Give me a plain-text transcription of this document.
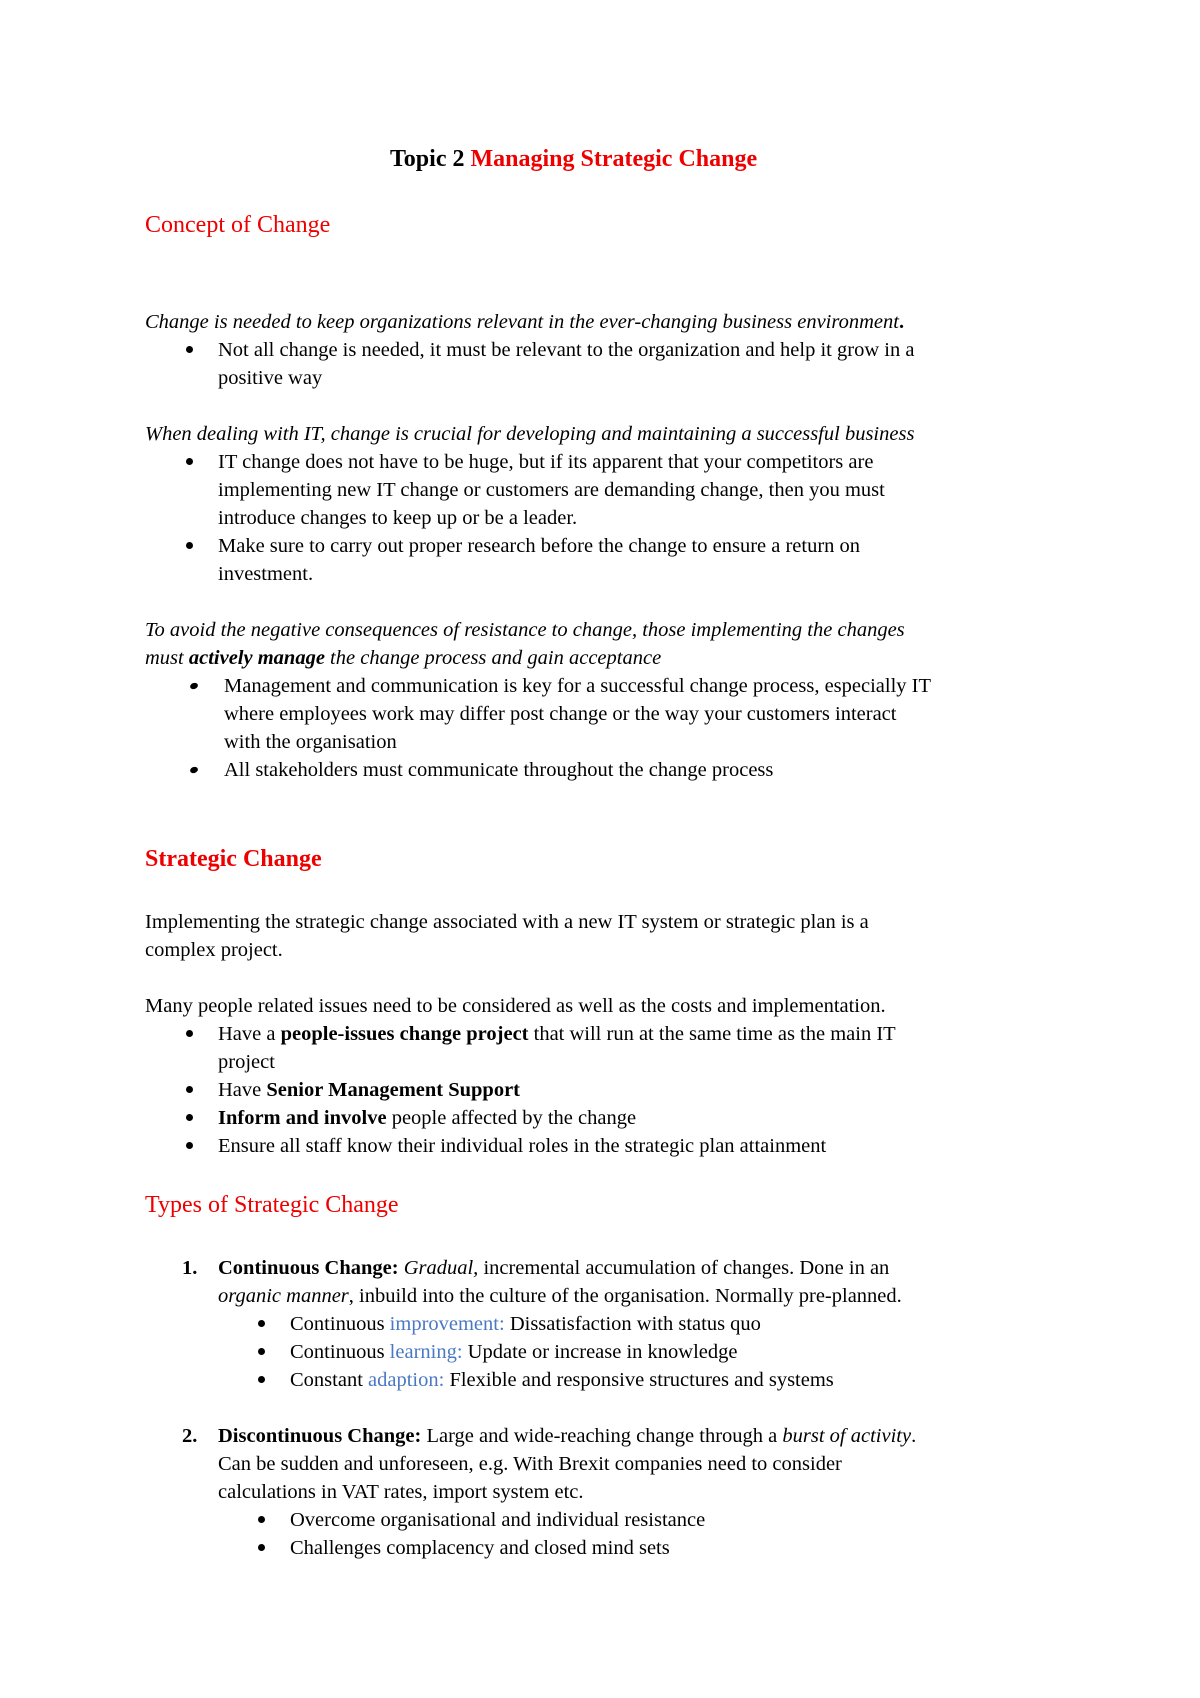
Topic 2 Managing Strategic Change
Concept of Change
Change is needed to keep organizations relevant in the ever-changing business environment.
Not all change is needed, it must be relevant to the organization and help it grow in a
positive way
When dealing with IT, change is crucial for developing and maintaining a successful business
IT change does not have to be huge, but if its apparent that your competitors are
implementing new IT change or customers are demanding change, then you must
introduce changes to keep up or be a leader.
Make sure to carry out proper research before the change to ensure a return on
investment.
To avoid the negative consequences of resistance to change, those implementing the changes
must actively manage the change process and gain acceptance
Management and communication is key for a successful change process, especially IT
where employees work may differ post change or the way your customers interact
with the organisation
All stakeholders must communicate throughout the change process
Strategic Change
Implementing the strategic change associated with a new IT system or strategic plan is a
complex project.
Many people related issues need to be considered as well as the costs and implementation.
Have a people-issues change project that will run at the same time as the main IT
project
Have Senior Management Support
Inform and involve people affected by the change
Ensure all staff know their individual roles in the strategic plan attainment
Types of Strategic Change
1. Continuous Change: Gradual, incremental accumulation of changes. Done in an
organic manner, inbuild into the culture of the organisation. Normally pre-planned.
Continuous improvement: Dissatisfaction with status quo
Continuous learning: Update or increase in knowledge
Constant adaption: Flexible and responsive structures and systems
2. Discontinuous Change: Large and wide-reaching change through a burst of activity.
Can be sudden and unforeseen, e.g. With Brexit companies need to consider
calculations in VAT rates, import system etc.
Overcome organisational and individual resistance
Challenges complacency and closed mind sets
